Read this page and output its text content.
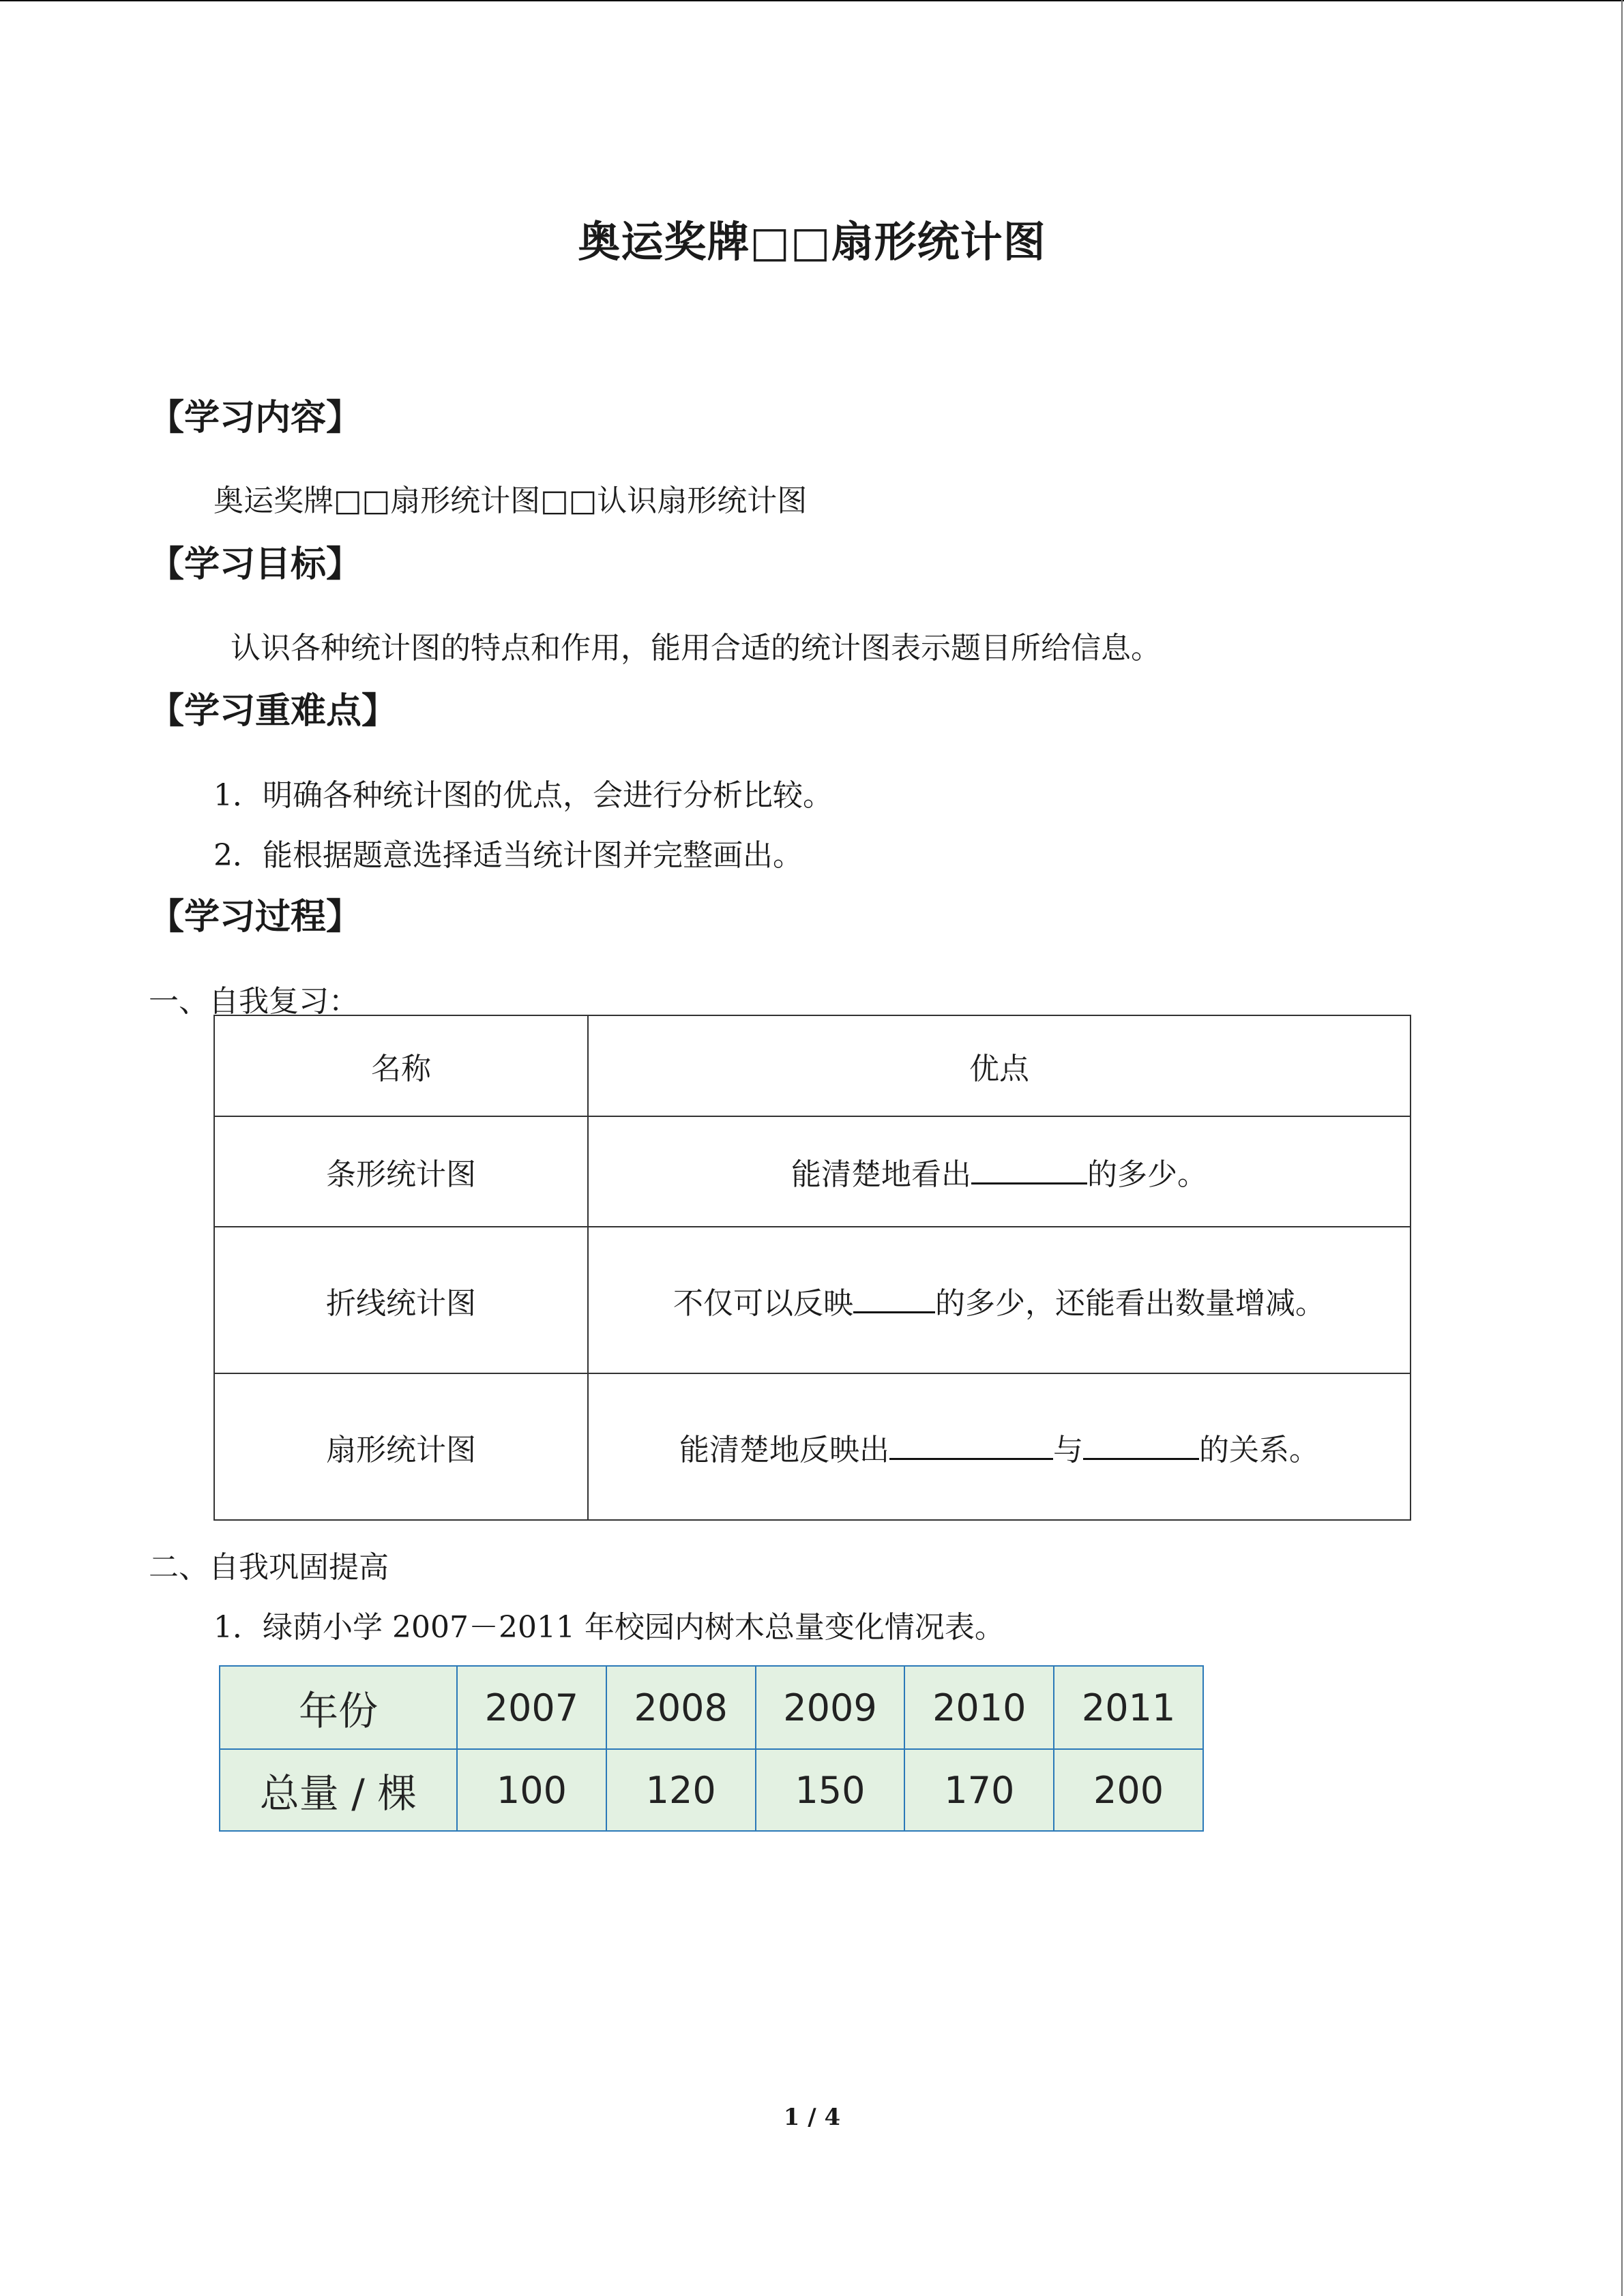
奥运奖牌□□扇形统计图
【学习内容】
奥运奖牌□□扇形统计图□□认识扇形统计图
【学习目标】
认识各种统计图的特点和作用，能用合适的统计图表示题目所给信息。
【学习重难点】
1．明确各种统计图的优点，会进行分析比较。
2．能根据题意选择适当统计图并完整画出。
【学习过程】
一、自我复习：
名称	优点
条形统计图	能清楚地看出 的多少。
折线统计图	不仅可以反映 的多少，还能看出数量增减。
扇形统计图	能清楚地反映出 与 的关系。
二、自我巩固提高
1．绿荫小学 2007－2011 年校园内树木总量变化情况表。
年份	2007	2008	2009	2010	2011
总量 / 棵	100	120	150	170	200
1 / 4
